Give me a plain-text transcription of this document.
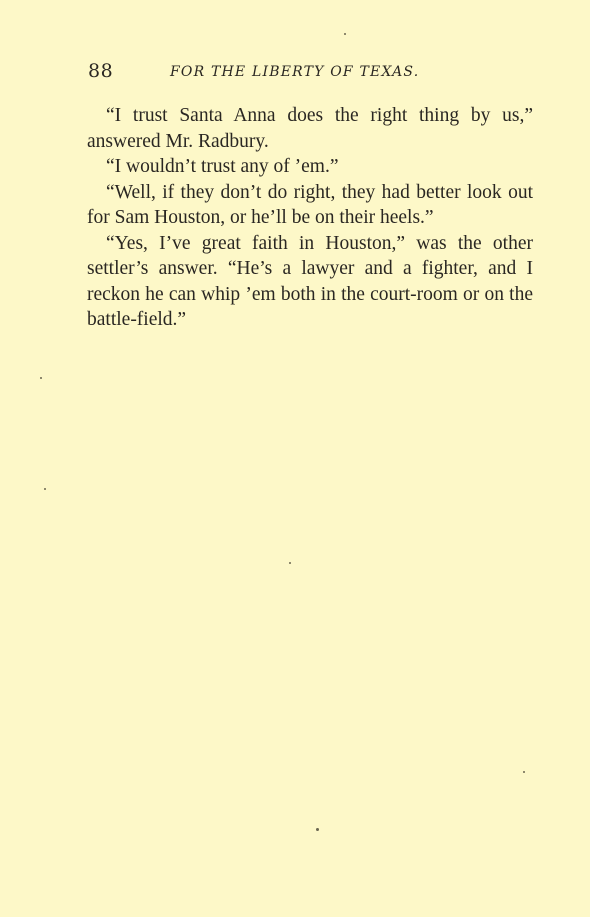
88	FOR THE LIBERTY OF TEXAS.

“I trust Santa Anna does the right thing by us,” answered Mr. Radbury.

“I wouldn’t trust any of ’em.”

“Well, if they don’t do right, they had better look out for Sam Houston, or he’ll be on their heels.”

“Yes, I’ve great faith in Houston,” was the other settler’s answer. “He’s a lawyer and a fighter, and I reckon he can whip ’em both in the court-room or on the battle-field.”
